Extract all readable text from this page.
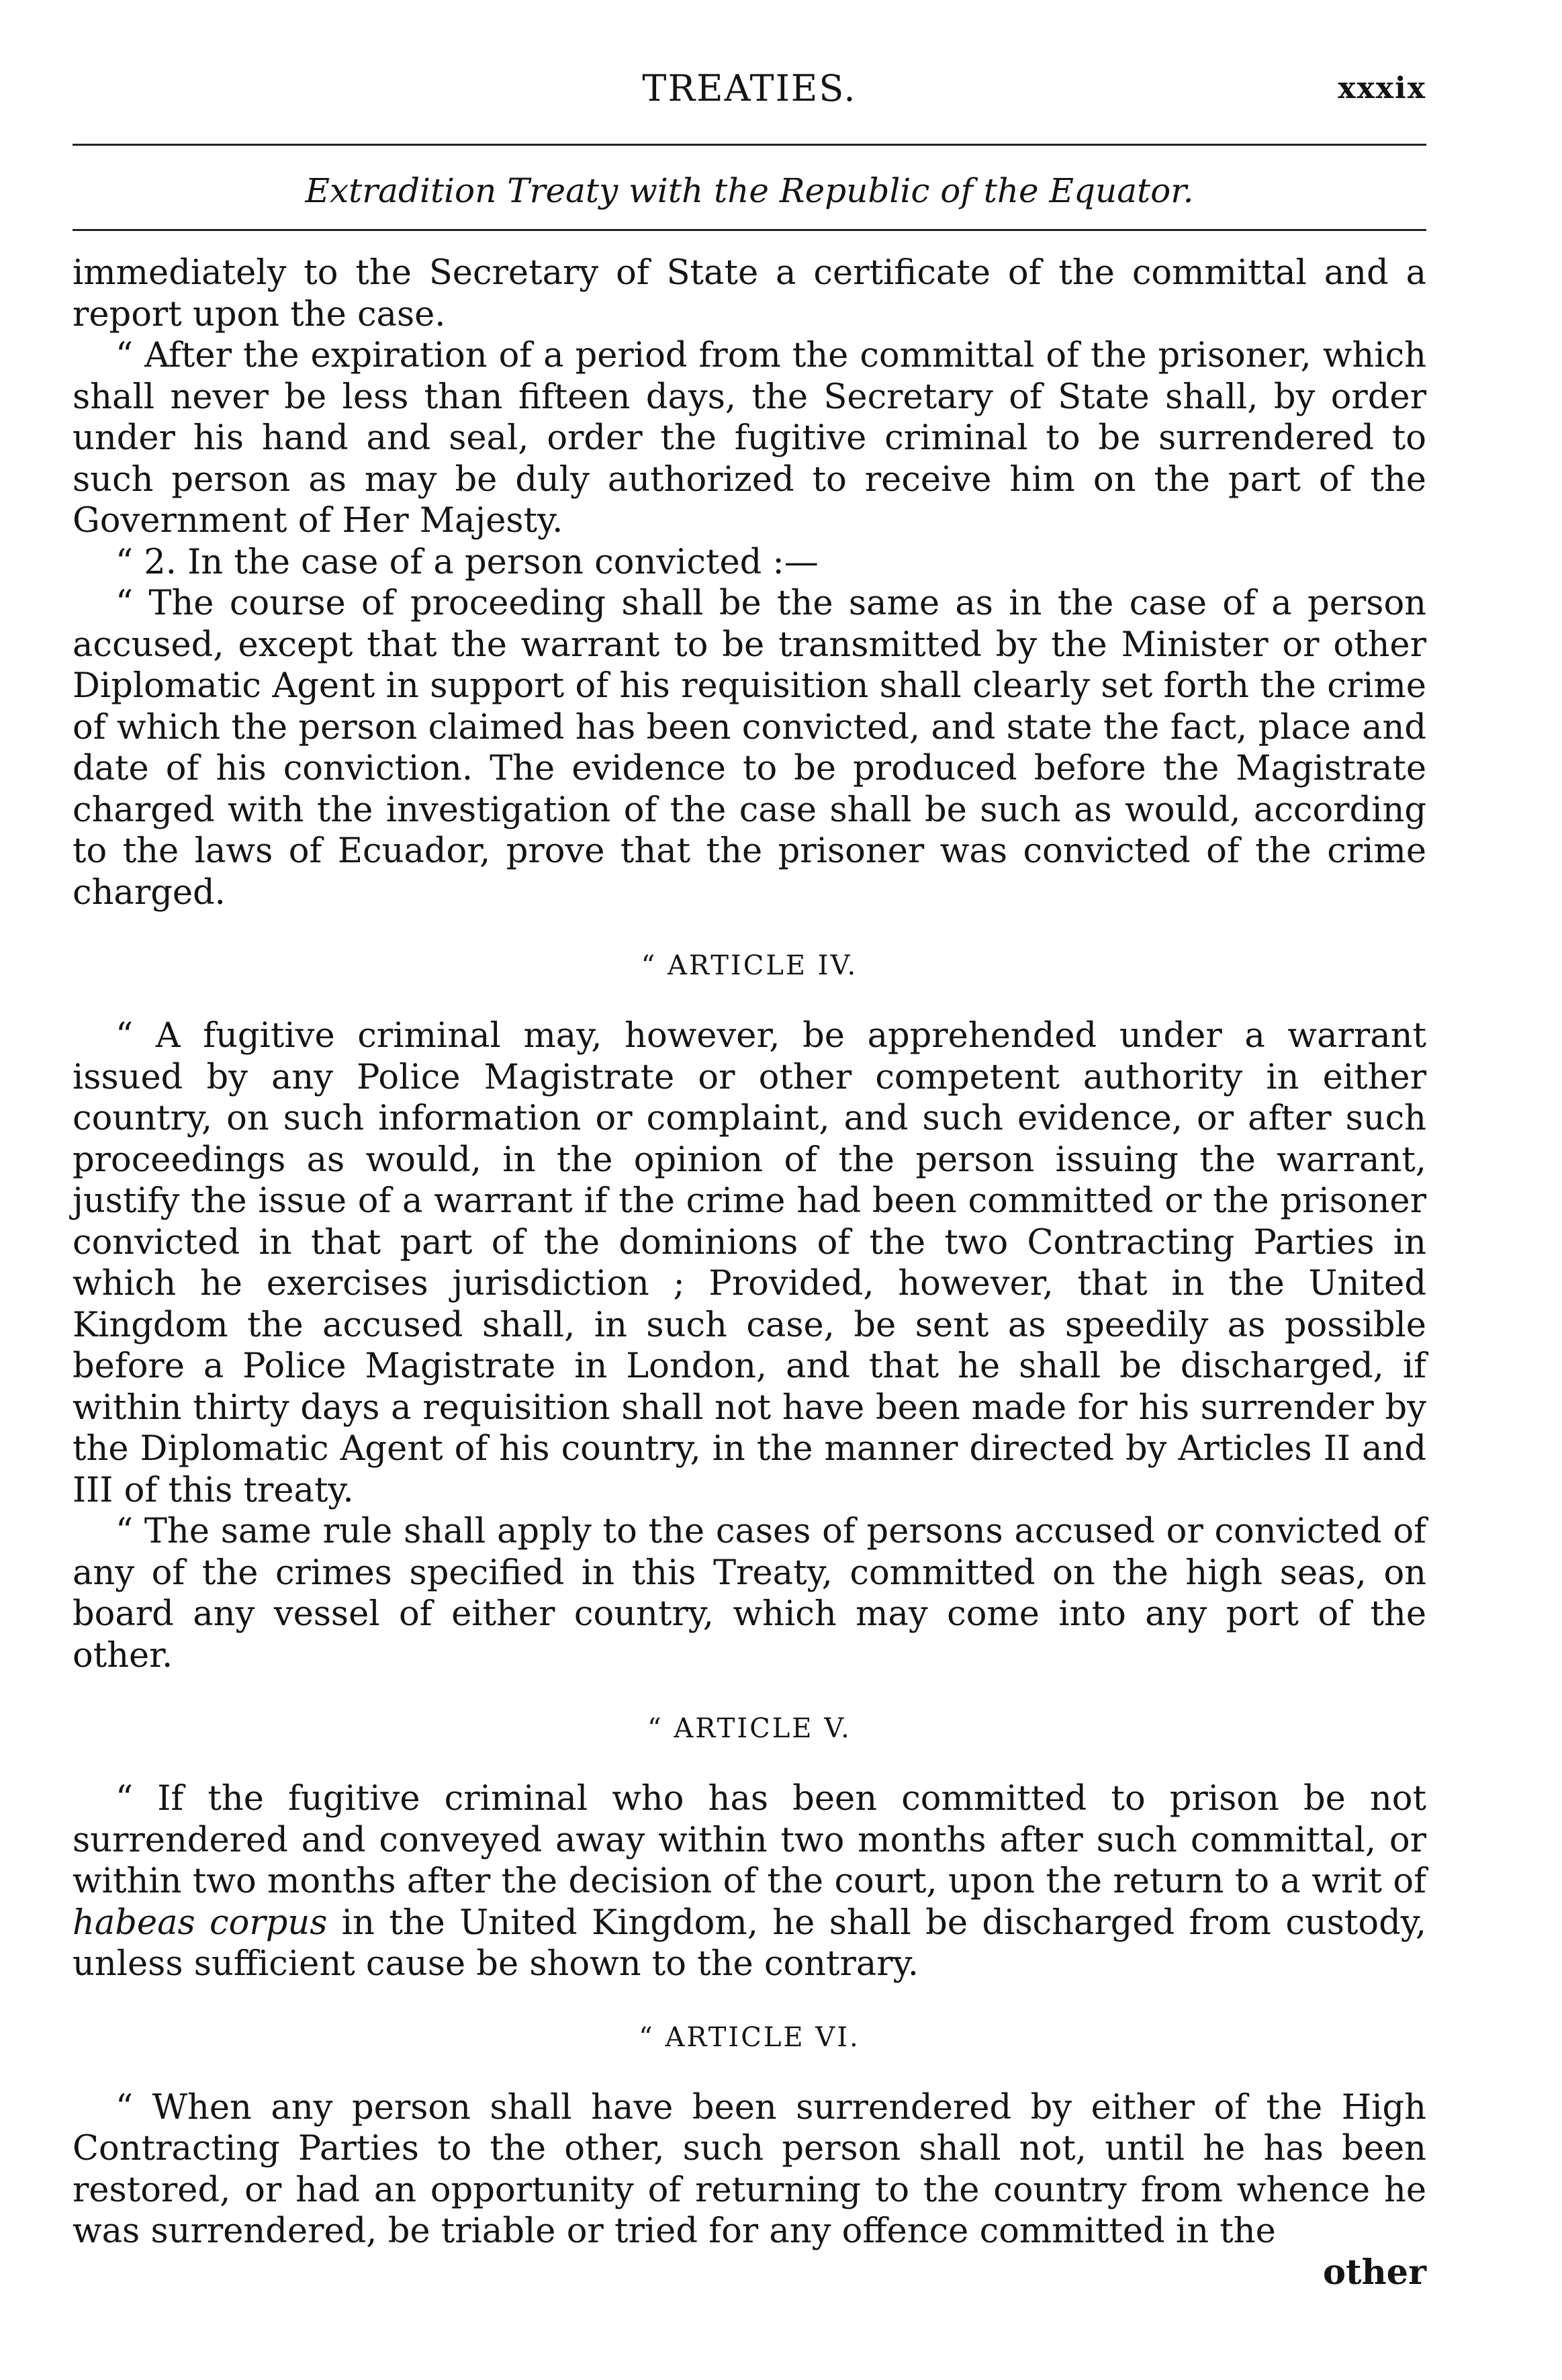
TREATIES.	xxxix
Extradition Treaty with the Republic of the Equator.

immediately to the Secretary of State a certificate of the committal and a report upon the case.

“ After the expiration of a period from the committal of the prisoner, which shall never be less than fifteen days, the Secretary of State shall, by order under his hand and seal, order the fugitive criminal to be surrendered to such person as may be duly authorized to receive him on the part of the Government of Her Majesty.

“ 2. In the case of a person convicted :—

“ The course of proceeding shall be the same as in the case of a person accused, except that the warrant to be transmitted by the Minister or other Diplomatic Agent in support of his requisition shall clearly set forth the crime of which the person claimed has been convicted, and state the fact, place and date of his conviction. The evidence to be produced before the Magistrate charged with the investigation of the case shall be such as would, according to the laws of Ecuador, prove that the prisoner was convicted of the crime charged.

“ ARTICLE IV.

“ A fugitive criminal may, however, be apprehended under a warrant issued by any Police Magistrate or other competent authority in either country, on such information or complaint, and such evidence, or after such proceedings as would, in the opinion of the person issuing the warrant, justify the issue of a warrant if the crime had been committed or the prisoner convicted in that part of the dominions of the two Contracting Parties in which he exercises jurisdiction ; Provided, however, that in the United Kingdom the accused shall, in such case, be sent as speedily as possible before a Police Magistrate in London, and that he shall be discharged, if within thirty days a requisition shall not have been made for his surrender by the Diplomatic Agent of his country, in the manner directed by Articles II and III of this treaty.

“ The same rule shall apply to the cases of persons accused or convicted of any of the crimes specified in this Treaty, committed on the high seas, on board any vessel of either country, which may come into any port of the other.

“ ARTICLE V.

“ If the fugitive criminal who has been committed to prison be not surrendered and conveyed away within two months after such committal, or within two months after the decision of the court, upon the return to a writ of habeas corpus in the United Kingdom, he shall be discharged from custody, unless sufficient cause be shown to the contrary.

“ ARTICLE VI.

“ When any person shall have been surrendered by either of the High Contracting Parties to the other, such person shall not, until he has been restored, or had an opportunity of returning to the country from whence he was surrendered, be triable or tried for any offence committed in the

other
